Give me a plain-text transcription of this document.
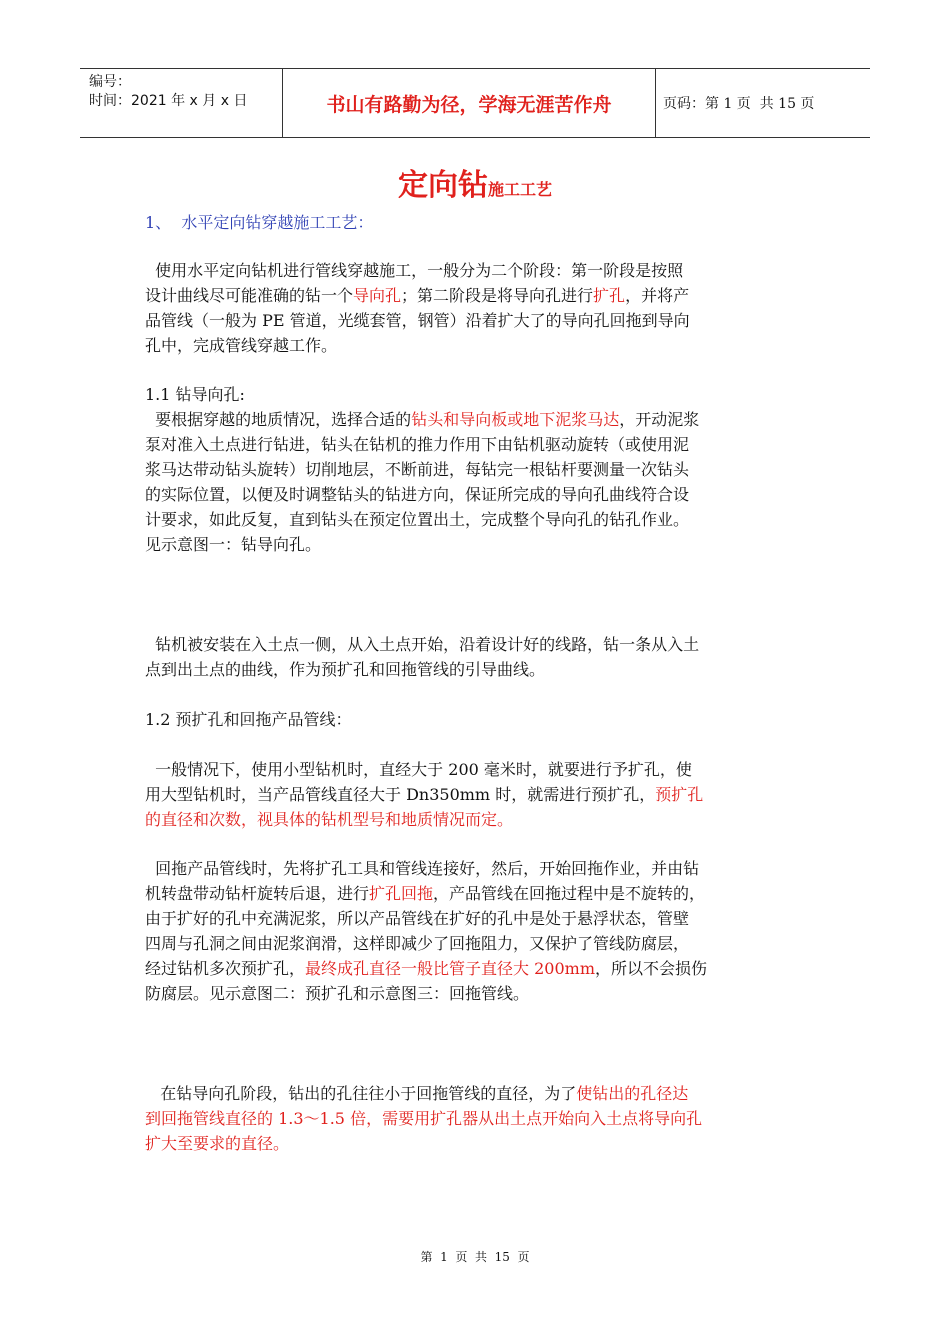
编号：
时间：2021 年 x 月 x 日	书山有路勤为径，学海无涯苦作舟	页码：第 1 页  共 15 页
定向钻施工工艺
1、  水平定向钻穿越施工工艺：
使用水平定向钻机进行管线穿越施工，一般分为二个阶段：第一阶段是按照
设计曲线尽可能准确的钻一个导向孔；第二阶段是将导向孔进行扩孔，并将产
品管线（一般为 PE 管道，光缆套管，钢管）沿着扩大了的导向孔回拖到导向
孔中，完成管线穿越工作。
1.1 钻导向孔:
要根据穿越的地质情况，选择合适的钻头和导向板或地下泥浆马达，开动泥浆
泵对准入土点进行钻进，钻头在钻机的推力作用下由钻机驱动旋转（或使用泥
浆马达带动钻头旋转）切削地层，不断前进，每钻完一根钻杆要测量一次钻头
的实际位置，以便及时调整钻头的钻进方向，保证所完成的导向孔曲线符合设
计要求，如此反复，直到钻头在预定位置出土，完成整个导向孔的钻孔作业。
见示意图一：钻导向孔。
钻机被安装在入土点一侧，从入土点开始，沿着设计好的线路，钻一条从入土
点到出土点的曲线，作为预扩孔和回拖管线的引导曲线。
1.2 预扩孔和回拖产品管线：
一般情况下，使用小型钻机时，直经大于 200 毫米时，就要进行予扩孔，使
用大型钻机时，当产品管线直径大于 Dn350mm 时，就需进行预扩孔，预扩孔
的直径和次数，视具体的钻机型号和地质情况而定。
回拖产品管线时，先将扩孔工具和管线连接好，然后，开始回拖作业，并由钻
机转盘带动钻杆旋转后退，进行扩孔回拖，产品管线在回拖过程中是不旋转的，
由于扩好的孔中充满泥浆，所以产品管线在扩好的孔中是处于悬浮状态，管壁
四周与孔洞之间由泥浆润滑，这样即减少了回拖阻力，又保护了管线防腐层，
经过钻机多次预扩孔，最终成孔直径一般比管子直径大 200mm，所以不会损伤
防腐层。见示意图二：预扩孔和示意图三：回拖管线。
在钻导向孔阶段，钻出的孔往往小于回拖管线的直径，为了使钻出的孔径达
到回拖管线直径的 1.3～1.5 倍，需要用扩孔器从出土点开始向入土点将导向孔
扩大至要求的直径。
第  1  页  共  15  页
